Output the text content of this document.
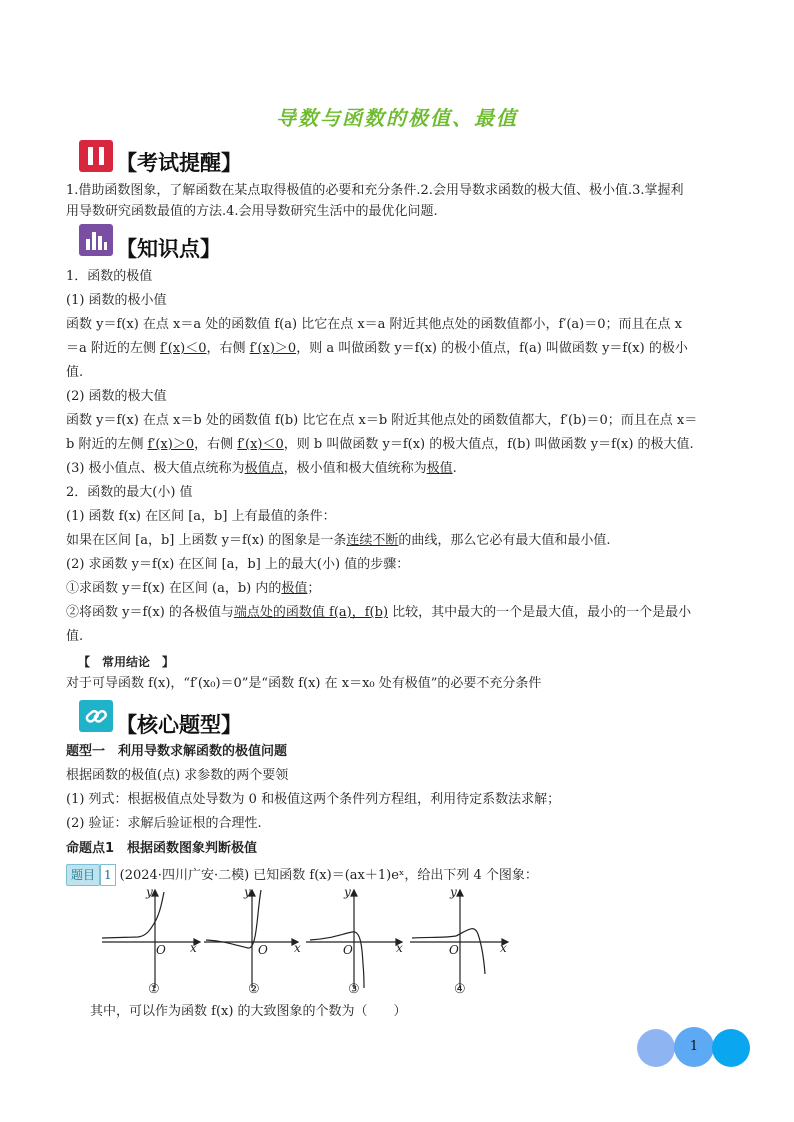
导数与函数的极值、最值
【考试提醒】
1.借助函数图象，了解函数在某点取得极值的必要和充分条件.2.会用导数求函数的极大值、极小值.3.掌握利
用导数研究函数最值的方法.4.会用导数研究生活中的最优化问题.
【知识点】
1．函数的极值
(1) 函数的极小值
函数 y＝f(x) 在点 x＝a 处的函数值 f(a) 比它在点 x＝a 附近其他点处的函数值都小，f′(a)＝0；而且在点 x
＝a 附近的左侧 f′(x)＜0，右侧 f′(x)＞0，则 a 叫做函数 y＝f(x) 的极小值点，f(a) 叫做函数 y＝f(x) 的极小
值.
(2) 函数的极大值
函数 y＝f(x) 在点 x＝b 处的函数值 f(b) 比它在点 x＝b 附近其他点处的函数值都大，f′(b)＝0；而且在点 x＝
b 附近的左侧 f′(x)＞0，右侧 f′(x)＜0，则 b 叫做函数 y＝f(x) 的极大值点，f(b) 叫做函数 y＝f(x) 的极大值.
(3) 极小值点、极大值点统称为极值点，极小值和极大值统称为极值.
2．函数的最大(小) 值
(1) 函数 f(x) 在区间 [a，b] 上有最值的条件：
如果在区间 [a，b] 上函数 y＝f(x) 的图象是一条连续不断的曲线，那么它必有最大值和最小值.
(2) 求函数 y＝f(x) 在区间 [a，b] 上的最大(小) 值的步骤：
①求函数 y＝f(x) 在区间 (a，b) 内的极值；
②将函数 y＝f(x) 的各极值与端点处的函数值 f(a)，f(b) 比较，其中最大的一个是最大值，最小的一个是最小
值.
【　常用结论　】
对于可导函数 f(x)，“f′(x₀)＝0”是“函数 f(x) 在 x＝x₀ 处有极值”的必要不充分条件
【核心题型】
题型一　利用导数求解函数的极值问题
根据函数的极值(点) 求参数的两个要领
(1) 列式：根据极值点处导数为 0 和极值这两个条件列方程组，利用待定系数法求解；
(2) 验证：求解后验证根的合理性.
命题点1　根据函数图象判断极值
题目 1 (2024·四川广安·二模) 已知函数 f(x)＝(ax＋1)eˣ，给出下列 4 个图象：
y
x
O
y
x
O
y
x
O
y
x
O
①	②	③	④
其中，可以作为函数 f(x) 的大致图象的个数为（　　）
1
